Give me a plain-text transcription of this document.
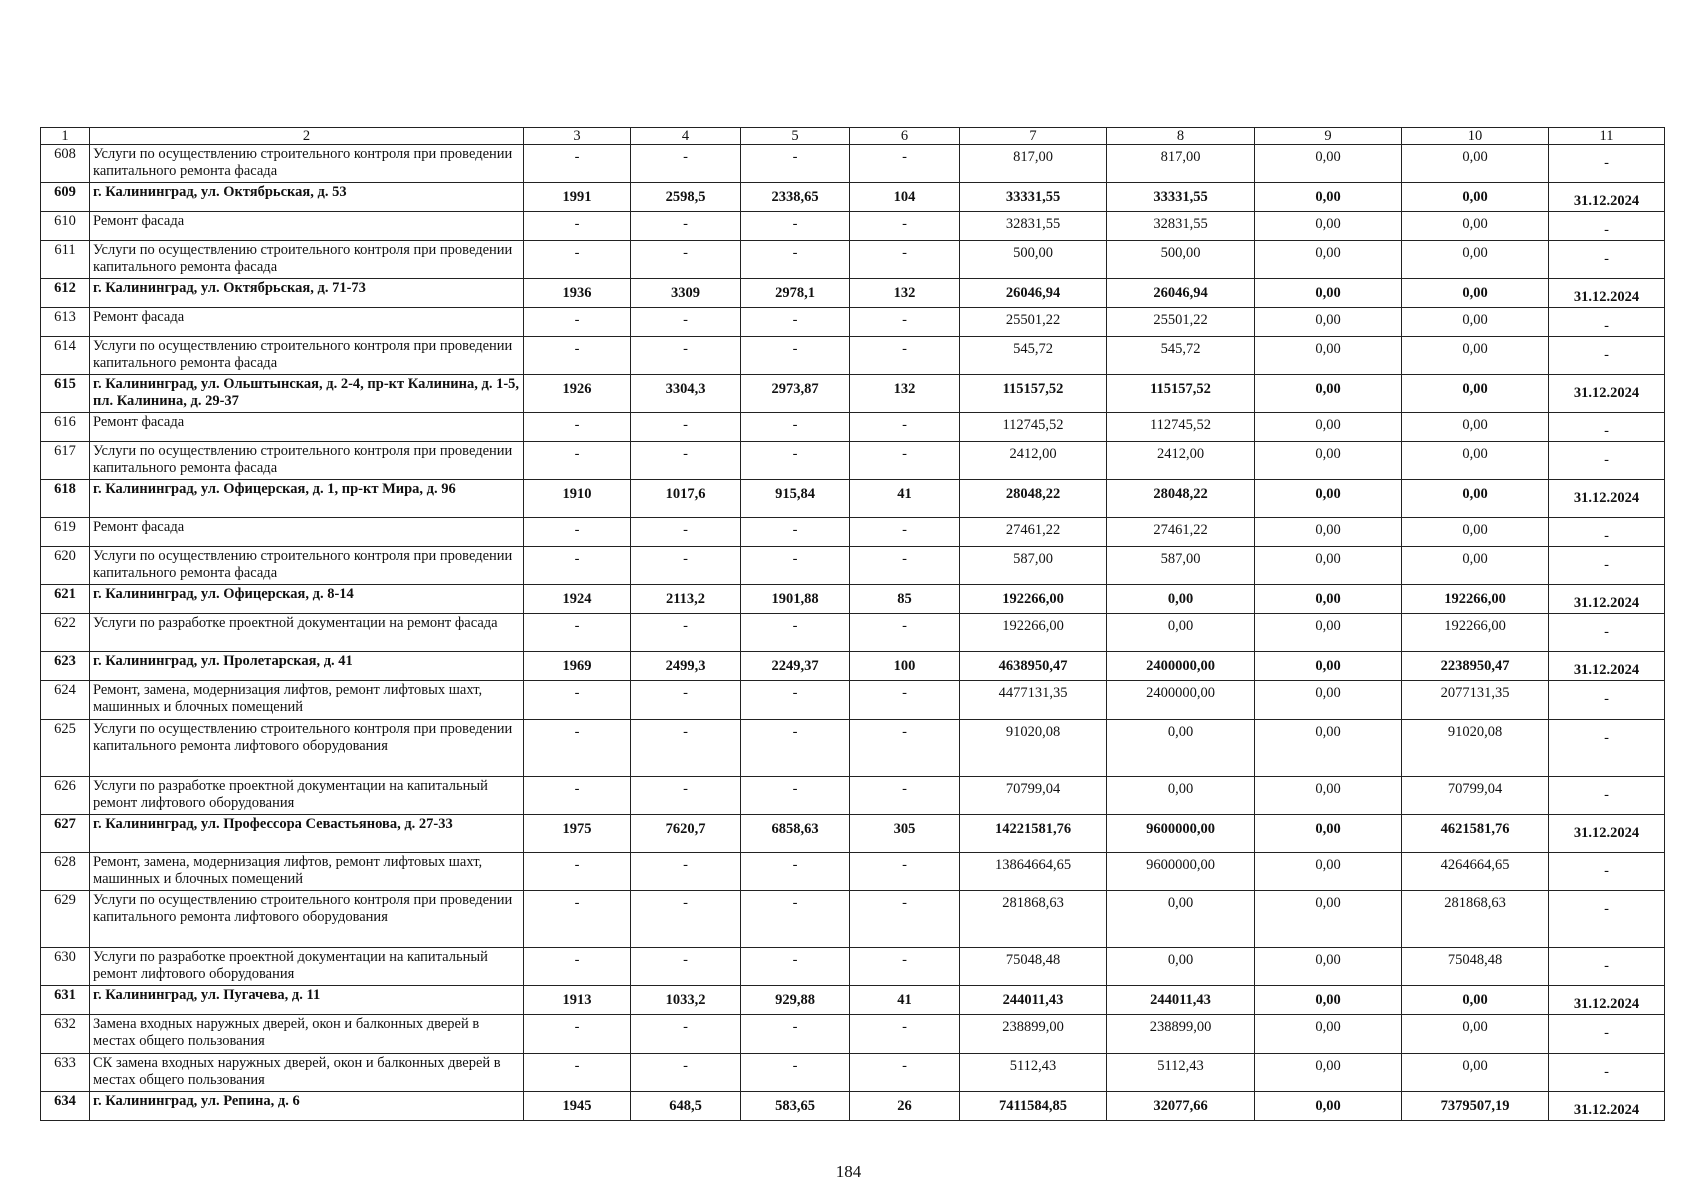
1	2	3	4	5	6	7	8	9	10	11
608	Услуги по осуществлению строительного контроля при проведении капитального ремонта фасада	-	-	-	-	817,00	817,00	0,00	0,00	-
609	г. Калининград, ул. Октябрьская, д. 53	1991	2598,5	2338,65	104	33331,55	33331,55	0,00	0,00	31.12.2024
610	Ремонт фасада	-	-	-	-	32831,55	32831,55	0,00	0,00	-
611	Услуги по осуществлению строительного контроля при проведении капитального ремонта фасада	-	-	-	-	500,00	500,00	0,00	0,00	-
612	г. Калининград, ул. Октябрьская, д. 71-73	1936	3309	2978,1	132	26046,94	26046,94	0,00	0,00	31.12.2024
613	Ремонт фасада	-	-	-	-	25501,22	25501,22	0,00	0,00	-
614	Услуги по осуществлению строительного контроля при проведении капитального ремонта фасада	-	-	-	-	545,72	545,72	0,00	0,00	-
615	г. Калининград, ул. Ольштынская, д. 2-4, пр-кт Калинина, д. 1-5, пл. Калинина, д. 29-37	1926	3304,3	2973,87	132	115157,52	115157,52	0,00	0,00	31.12.2024
616	Ремонт фасада	-	-	-	-	112745,52	112745,52	0,00	0,00	-
617	Услуги по осуществлению строительного контроля при проведении капитального ремонта фасада	-	-	-	-	2412,00	2412,00	0,00	0,00	-
618	г. Калининград, ул. Офицерская, д. 1, пр-кт Мира, д. 96	1910	1017,6	915,84	41	28048,22	28048,22	0,00	0,00	31.12.2024
619	Ремонт фасада	-	-	-	-	27461,22	27461,22	0,00	0,00	-
620	Услуги по осуществлению строительного контроля при проведении капитального ремонта фасада	-	-	-	-	587,00	587,00	0,00	0,00	-
621	г. Калининград, ул. Офицерская, д. 8-14	1924	2113,2	1901,88	85	192266,00	0,00	0,00	192266,00	31.12.2024
622	Услуги по разработке проектной документации на ремонт фасада	-	-	-	-	192266,00	0,00	0,00	192266,00	-
623	г. Калининград, ул. Пролетарская, д. 41	1969	2499,3	2249,37	100	4638950,47	2400000,00	0,00	2238950,47	31.12.2024
624	Ремонт, замена, модернизация лифтов, ремонт лифтовых шахт, машинных и блочных помещений	-	-	-	-	4477131,35	2400000,00	0,00	2077131,35	-
625	Услуги по осуществлению строительного контроля при проведении капитального ремонта лифтового оборудования	-	-	-	-	91020,08	0,00	0,00	91020,08	-
626	Услуги по разработке проектной документации на капитальный ремонт лифтового оборудования	-	-	-	-	70799,04	0,00	0,00	70799,04	-
627	г. Калининград, ул. Профессора Севастьянова, д. 27-33	1975	7620,7	6858,63	305	14221581,76	9600000,00	0,00	4621581,76	31.12.2024
628	Ремонт, замена, модернизация лифтов, ремонт лифтовых шахт, машинных и блочных помещений	-	-	-	-	13864664,65	9600000,00	0,00	4264664,65	-
629	Услуги по осуществлению строительного контроля при проведении капитального ремонта лифтового оборудования	-	-	-	-	281868,63	0,00	0,00	281868,63	-
630	Услуги по разработке проектной документации на капитальный ремонт лифтового оборудования	-	-	-	-	75048,48	0,00	0,00	75048,48	-
631	г. Калининград, ул. Пугачева, д. 11	1913	1033,2	929,88	41	244011,43	244011,43	0,00	0,00	31.12.2024
632	Замена входных наружных дверей, окон и балконных дверей в местах общего пользования	-	-	-	-	238899,00	238899,00	0,00	0,00	-
633	СК замена входных наружных дверей, окон и балконных дверей в местах общего пользования	-	-	-	-	5112,43	5112,43	0,00	0,00	-
634	г. Калининград, ул. Репина, д. 6	1945	648,5	583,65	26	7411584,85	32077,66	0,00	7379507,19	31.12.2024
184
